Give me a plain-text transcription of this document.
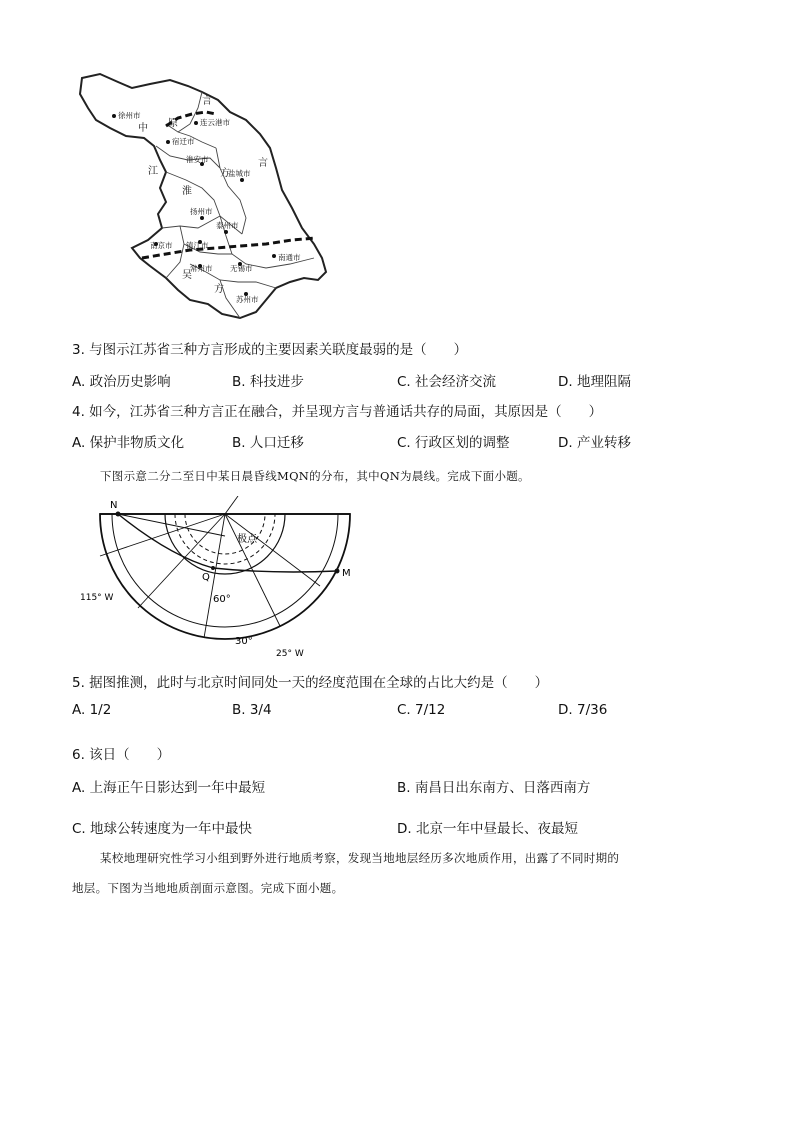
徐州市
连云港市
宿迁市
淮安市
盐城市
扬州市
泰州市
南京市 镇江市
常州市 无锡市
南通市
苏州市
中 原
言
江
淮
方
言
吴
方
3. 与图示江苏省三种方言形成的主要因素关联度最弱的是（　　）
A. 政治历史影响	B. 科技进步	C. 社会经济交流	D. 地理阻隔
4. 如今，江苏省三种方言正在融合，并呈现方言与普通话共存的局面，其原因是（　　）
A. 保护非物质文化	B. 人口迁移	C. 行政区划的调整	D. 产业转移
下图示意二分二至日中某日晨昏线MQN的分布，其中QN为晨线。完成下面小题。
N
M
Q
极点
115° W
25° W
60°
30°
5. 据图推测，此时与北京时间同处一天的经度范围在全球的占比大约是（　　）
A. 1/2	B. 3/4	C. 7/12	D. 7/36
6. 该日（　　）
A. 上海正午日影达到一年中最短	B. 南昌日出东南方、日落西南方
C. 地球公转速度为一年中最快	D. 北京一年中昼最长、夜最短
某校地理研究性学习小组到野外进行地质考察，发现当地地层经历多次地质作用，出露了不同时期的
地层。下图为当地地质剖面示意图。完成下面小题。
